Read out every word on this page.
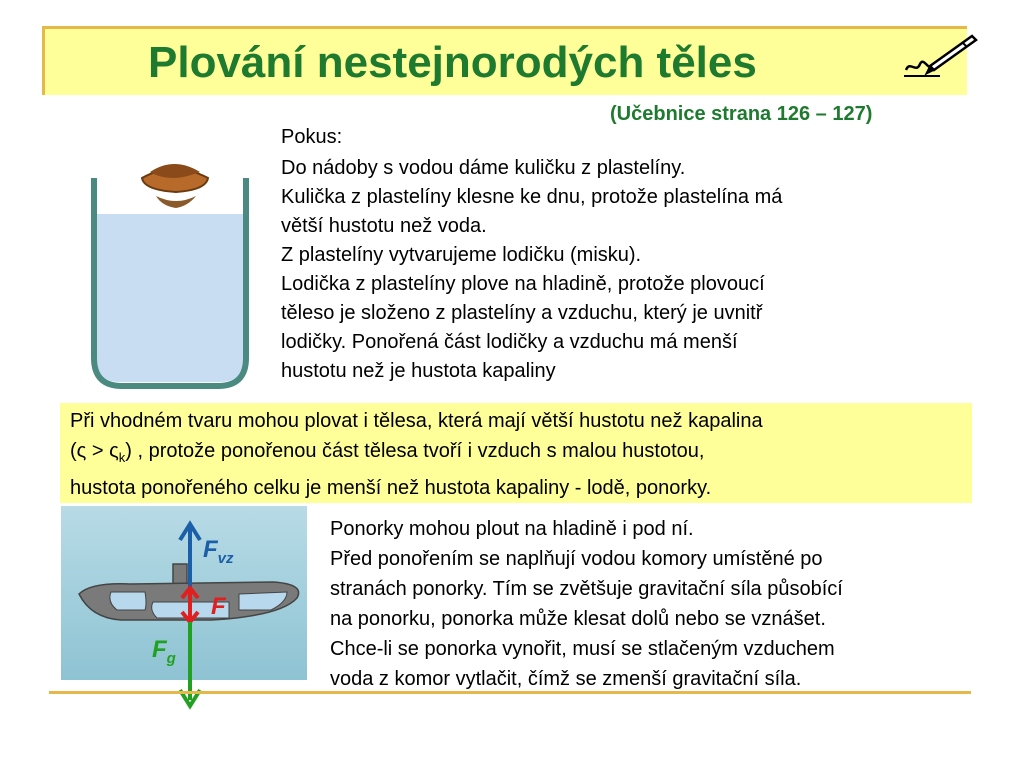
Plování nestejnorodých těles
(Učebnice strana 126 – 127)
Pokus:
Do nádoby s vodou dáme kuličku z plastelíny.
Kulička z plastelíny klesne ke dnu, protože plastelína má
větší hustotu než voda.
Z plastelíny vytvarujeme lodičku (misku).
Lodička z plastelíny plove na hladině, protože plovoucí
těleso je složeno z plastelíny a vzduchu, který je uvnitř
lodičky. Ponořená část lodičky a vzduchu má menší
hustotu než je hustota kapaliny
Při vhodném tvaru mohou plovat i tělesa, která mají větší hustotu než kapalina
$(\varsigma > \varsigma_k)$ , protože ponořenou část tělesa tvoří i vzduch s malou hustotou,
hustota ponořeného celku je menší než hustota kapaliny - lodě, ponorky.
$F_{vz}$
F
$F_g$
Ponorky mohou plout na hladině i pod ní.
Před ponořením se naplňují vodou komory umístěné po
stranách ponorky. Tím se zvětšuje gravitační síla působící
na ponorku, ponorka může klesat dolů nebo se vznášet.
Chce-li se ponorka vynořit, musí se stlačeným vzduchem
voda z komor vytlačit, čímž se zmenší gravitační síla.
